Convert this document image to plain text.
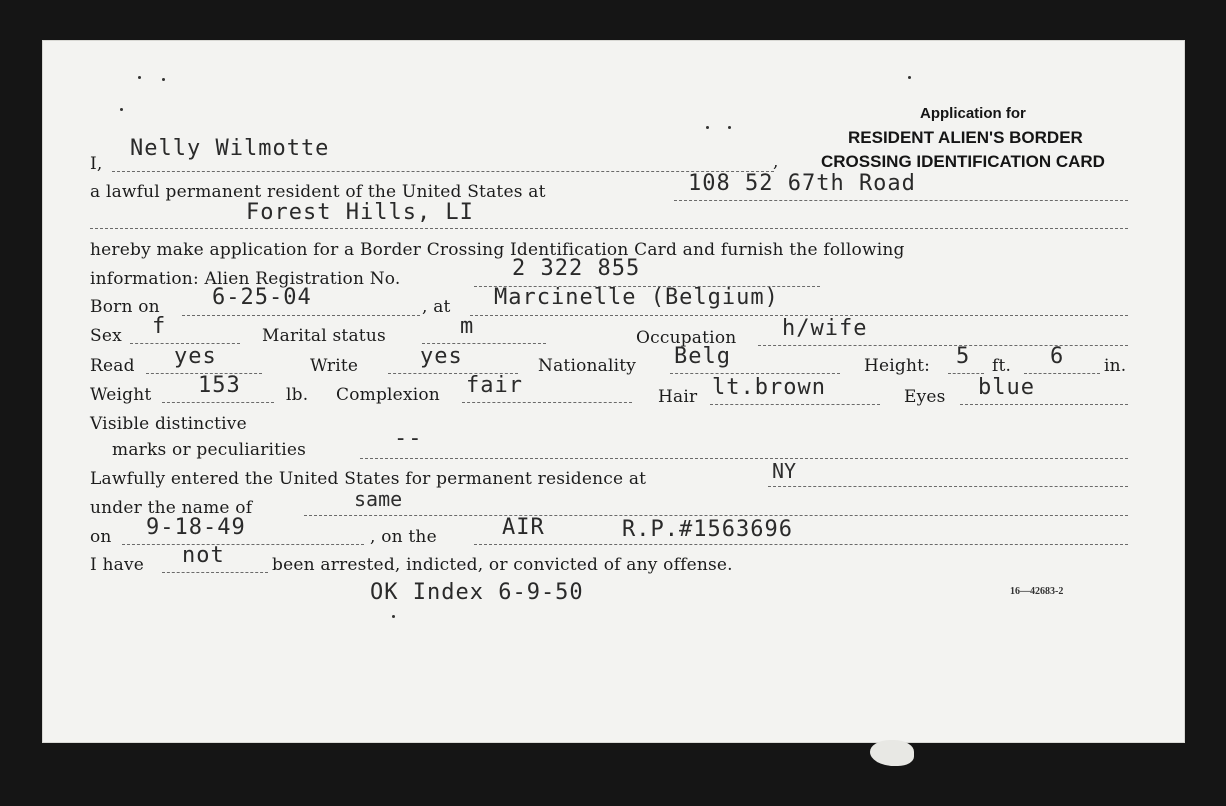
Application for
RESIDENT ALIEN'S BORDER
CROSSING IDENTIFICATION CARD
I,	,
Nelly Wilmotte
a lawful permanent resident of the United States at	108 52 67th Road
Forest Hills, LI
hereby make application for a Border Crossing Identification Card and furnish the following
information: Alien Registration No.	2 322 855
Born on 6-25-04	, at Marcinelle (Belgium)
Sex f	Marital status	m	Occupation h/wife
Read yes	Write	yes	Nationality Belg	Height: 5 ft. 6 in.
Weight 153	lb. Complexion fair	Hair lt.brown	Eyes blue
Visible distinctive
marks or peculiarities	--
Lawfully entered the United States for permanent residence at	NY
under the name of	same
on 9-18-49	, on the	AIR	R.P.#1563696
I have not	been arrested, indicted, or convicted of any offense.
OK Index 6-9-50	16—42683-2
